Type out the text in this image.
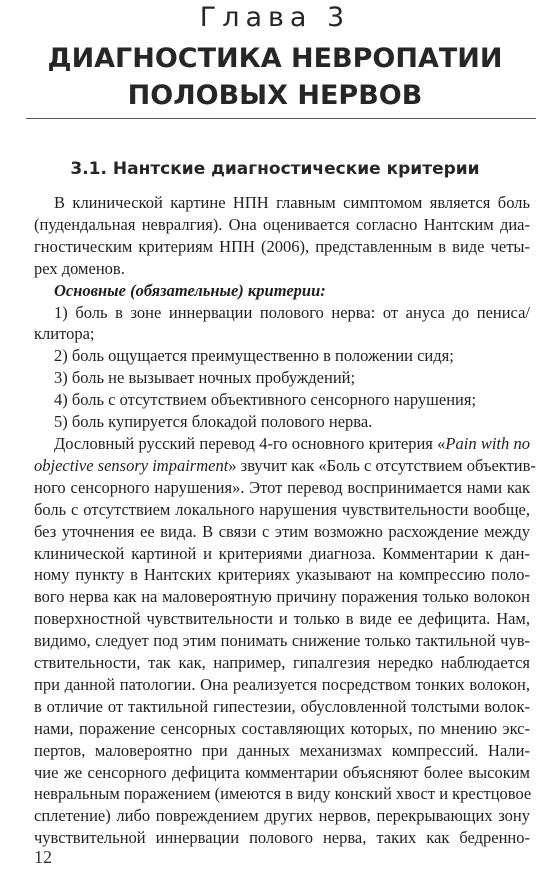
Глава 3
ДИАГНОСТИКА НЕВРОПАТИИ
ПОЛОВЫХ НЕРВОВ
3.1. Нантские диагностические критерии
В клинической картине НПН главным симптомом является боль
(пудендальная невралгия). Она оценивается согласно Нантским диа-
гностическим критериям НПН (2006), представленным в виде четы-
рех доменов.
Основные (обязательные) критерии:
1) боль в зоне иннервации полового нерва: от ануса до пениса/
клитора;
2) боль ощущается преимущественно в положении сидя;
3) боль не вызывает ночных пробуждений;
4) боль с отсутствием объективного сенсорного нарушения;
5) боль купируется блокадой полового нерва.
Дословный русский перевод 4-го основного критерия «Pain with no
objective sensory impairment» звучит как «Боль с отсутствием объектив-
ного сенсорного нарушения». Этот перевод воспринимается нами как
боль с отсутствием локального нарушения чувствительности вообще,
без уточнения ее вида. В связи с этим возможно расхождение между
клинической картиной и критериями диагноза. Комментарии к дан-
ному пункту в Нантских критериях указывают на компрессию поло-
вого нерва как на маловероятную причину поражения только волокон
поверхностной чувствительности и только в виде ее дефицита. Нам,
видимо, следует под этим понимать снижение только тактильной чув-
ствительности, так как, например, гипалгезия нередко наблюдается
при данной патологии. Она реализуется посредством тонких волокон,
в отличие от тактильной гипестезии, обусловленной толстыми волок-
нами, поражение сенсорных составляющих которых, по мнению экс-
пертов, маловероятно при данных механизмах компрессий. Нали-
чие же сенсорного дефицита комментарии объясняют более высоким
невральным поражением (имеются в виду конский хвост и крестцовое
сплетение) либо повреждением других нервов, перекрывающих зону
чувствительной иннервации полового нерва, таких как бедренно-
12
